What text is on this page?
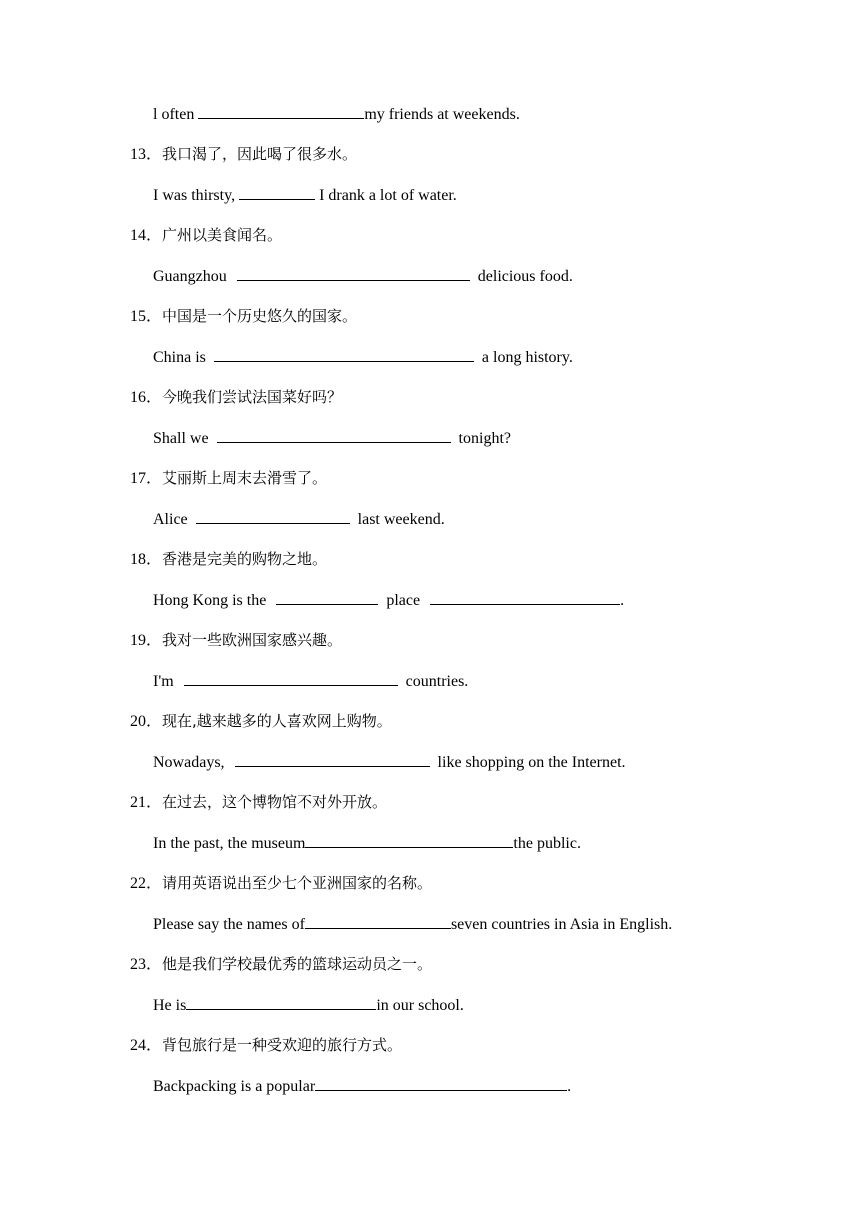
l often	my friends at weekends.
13．我口渴了，因此喝了很多水。
I was thirsty,	I drank a lot of water.
14．广州以美食闻名。
Guangzhou	delicious food.
15．中国是一个历史悠久的国家。
China is	a long history.
16．今晚我们尝试法国菜好吗？
Shall we	tonight?
17．艾丽斯上周末去滑雪了。
Alice	last weekend.
18．香港是完美的购物之地。
Hong Kong is the	place	.
19．我对一些欧洲国家感兴趣。
I'm	countries.
20．现在,越来越多的人喜欢网上购物。
Nowadays,	like shopping on the Internet.
21．在过去，这个博物馆不对外开放。
In the past, the museum	the public.
22．请用英语说出至少七个亚洲国家的名称。
Please say the names of	seven countries in Asia in English.
23．他是我们学校最优秀的篮球运动员之一。
He is	in our school.
24．背包旅行是一种受欢迎的旅行方式。
Backpacking is a popular	.
